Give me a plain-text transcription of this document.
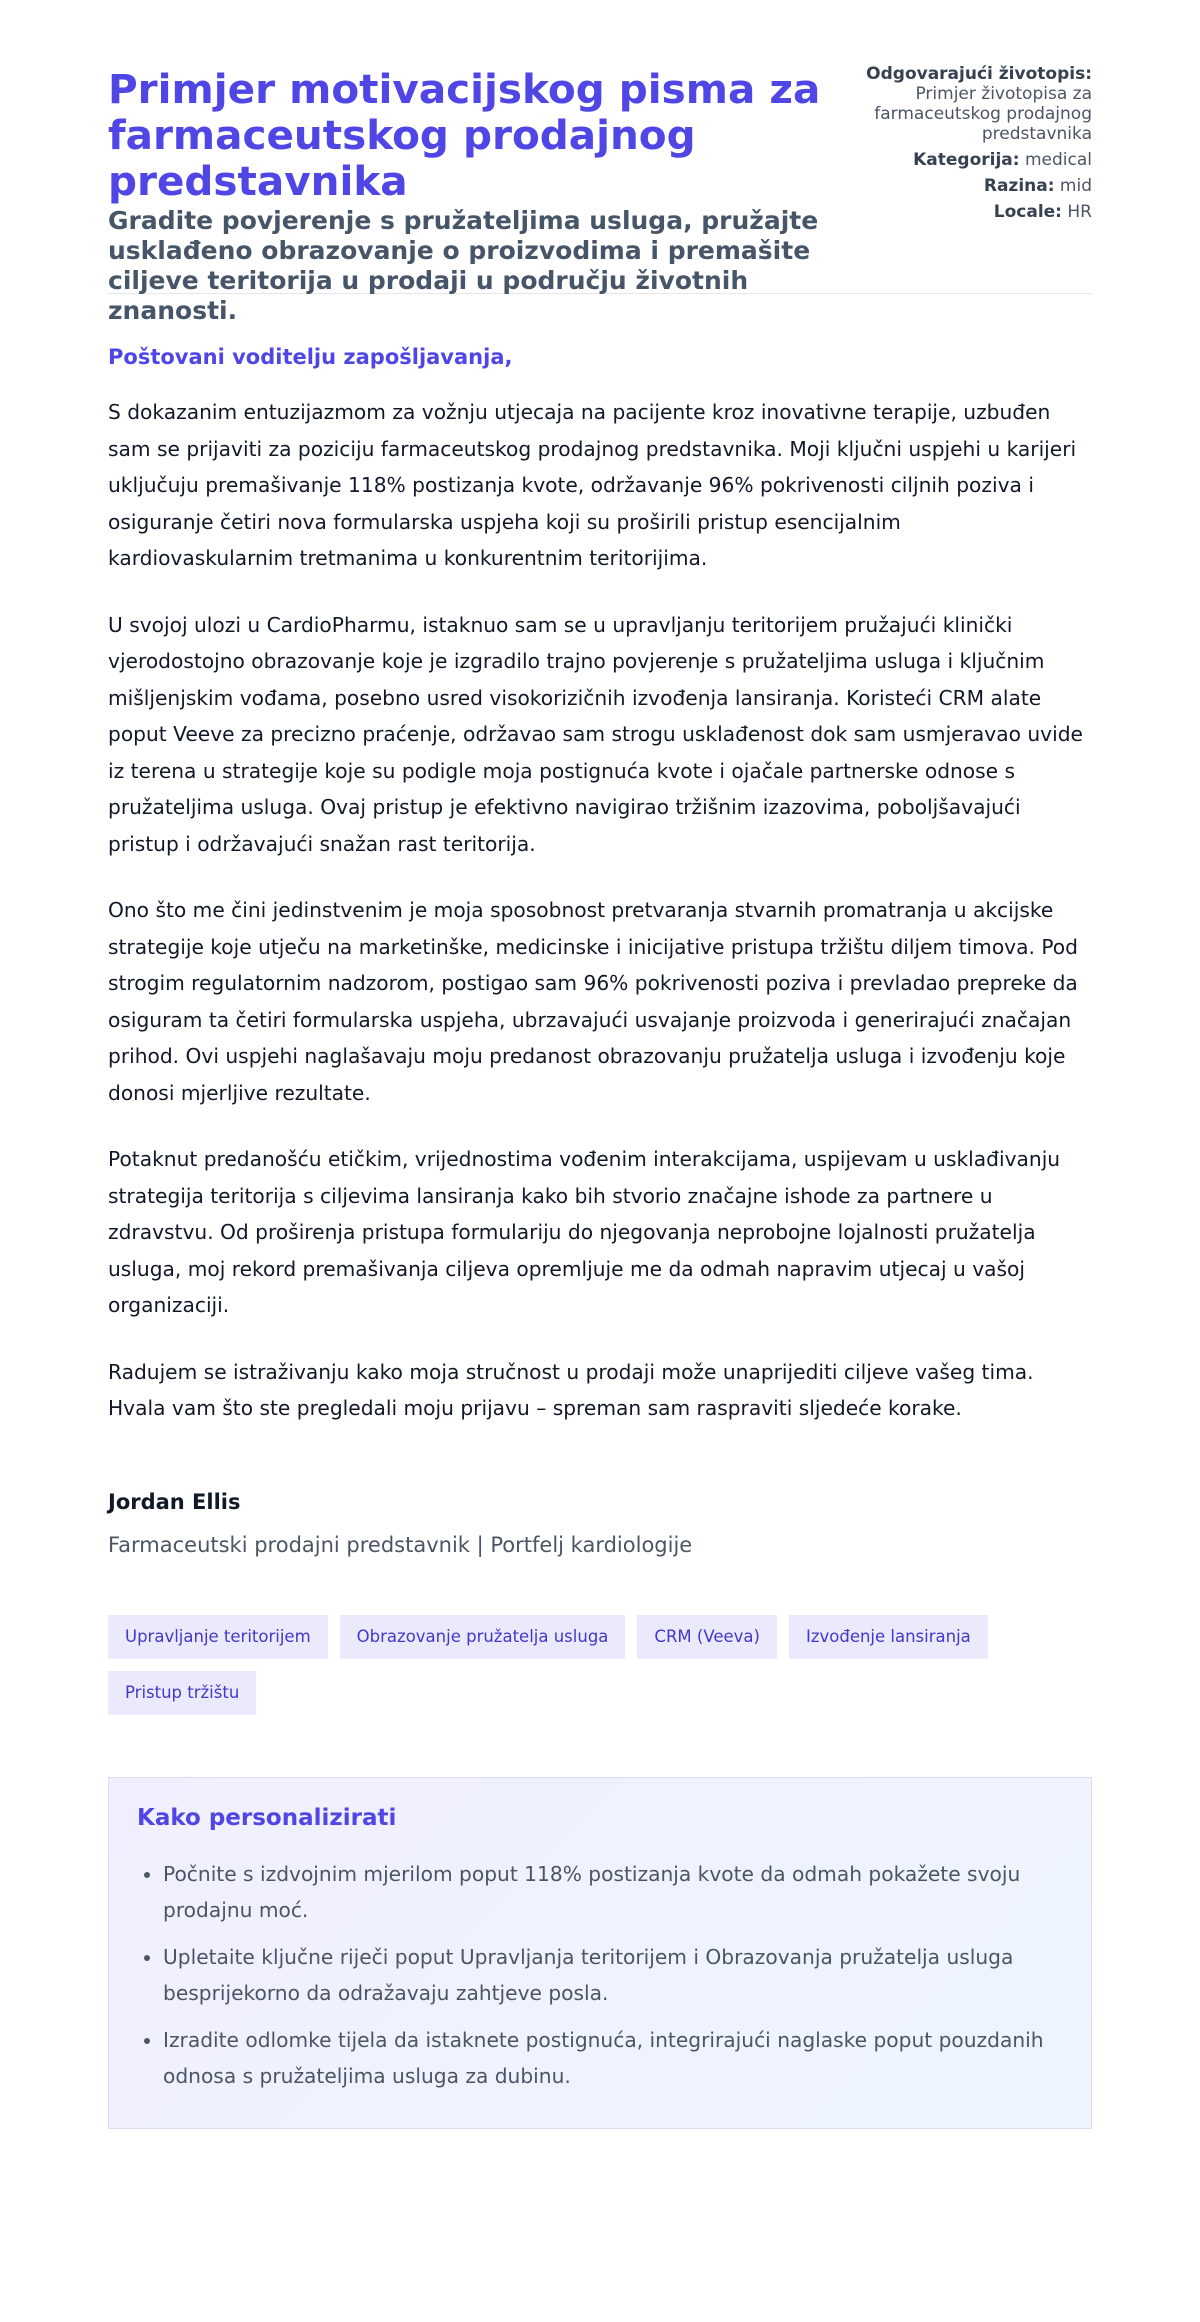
Primjer motivacijskog pisma za farmaceutskog prodajnog predstavnika
Gradite povjerenje s pružateljima usluga, pružajte usklađeno obrazovanje o proizvodima i premašite ciljeve teritorija u prodaji u području životnih znanosti.
Odgovarajući životopis:
Primjer životopisa za farmaceutskog prodajnog predstavnika
Kategorija: medical
Razina: mid
Locale: HR

Poštovani voditelju zapošljavanja,

S dokazanim entuzijazmom za vožnju utjecaja na pacijente kroz inovativne terapije, uzbuđen sam se prijaviti za poziciju farmaceutskog prodajnog predstavnika. Moji ključni uspjehi u karijeri uključuju premašivanje 118% postizanja kvote, održavanje 96% pokrivenosti ciljnih poziva i osiguranje četiri nova formularska uspjeha koji su proširili pristup esencijalnim kardiovaskularnim tretmanima u konkurentnim teritorijima.

U svojoj ulozi u CardioPharmu, istaknuo sam se u upravljanju teritorijem pružajući klinički vjerodostojno obrazovanje koje je izgradilo trajno povjerenje s pružateljima usluga i ključnim mišljenjskim vođama, posebno usred visokorizičnih izvođenja lansiranja. Koristeći CRM alate poput Veeve za precizno praćenje, održavao sam strogu usklađenost dok sam usmjeravao uvide iz terena u strategije koje su podigle moja postignuća kvote i ojačale partnerske odnose s pružateljima usluga. Ovaj pristup je efektivno navigirao tržišnim izazovima, poboljšavajući pristup i održavajući snažan rast teritorija.

Ono što me čini jedinstvenim je moja sposobnost pretvaranja stvarnih promatranja u akcijske strategije koje utječu na marketinške, medicinske i inicijative pristupa tržištu diljem timova. Pod strogim regulatornim nadzorom, postigao sam 96% pokrivenosti poziva i prevladao prepreke da osiguram ta četiri formularska uspjeha, ubrzavajući usvajanje proizvoda i generirajući značajan prihod. Ovi uspjehi naglašavaju moju predanost obrazovanju pružatelja usluga i izvođenju koje donosi mjerljive rezultate.

Potaknut predanošću etičkim, vrijednostima vođenim interakcijama, uspijevam u usklađivanju strategija teritorija s ciljevima lansiranja kako bih stvorio značajne ishode za partnere u zdravstvu. Od proširenja pristupa formulariju do njegovanja neprobojne lojalnosti pružatelja usluga, moj rekord premašivanja ciljeva opremljuje me da odmah napravim utjecaj u vašoj organizaciji.

Radujem se istraživanju kako moja stručnost u prodaji može unaprijediti ciljeve vašeg tima. Hvala vam što ste pregledali moju prijavu – spreman sam raspraviti sljedeće korake.

Jordan Ellis

Farmaceutski prodajni predstavnik | Portfelj kardiologije

Upravljanje teritorijem	Obrazovanje pružatelja usluga	CRM (Veeva)	Izvođenje lansiranja
Pristup tržištu
Kako personalizirati
• Počnite s izdvojnim mjerilom poput 118% postizanja kvote da odmah pokažete svoju prodajnu moć.
• Upletaite ključne riječi poput Upravljanja teritorijem i Obrazovanja pružatelja usluga besprijekorno da odražavaju zahtjeve posla.
• Izradite odlomke tijela da istaknete postignuća, integrirajući naglaske poput pouzdanih odnosa s pružateljima usluga za dubinu.
